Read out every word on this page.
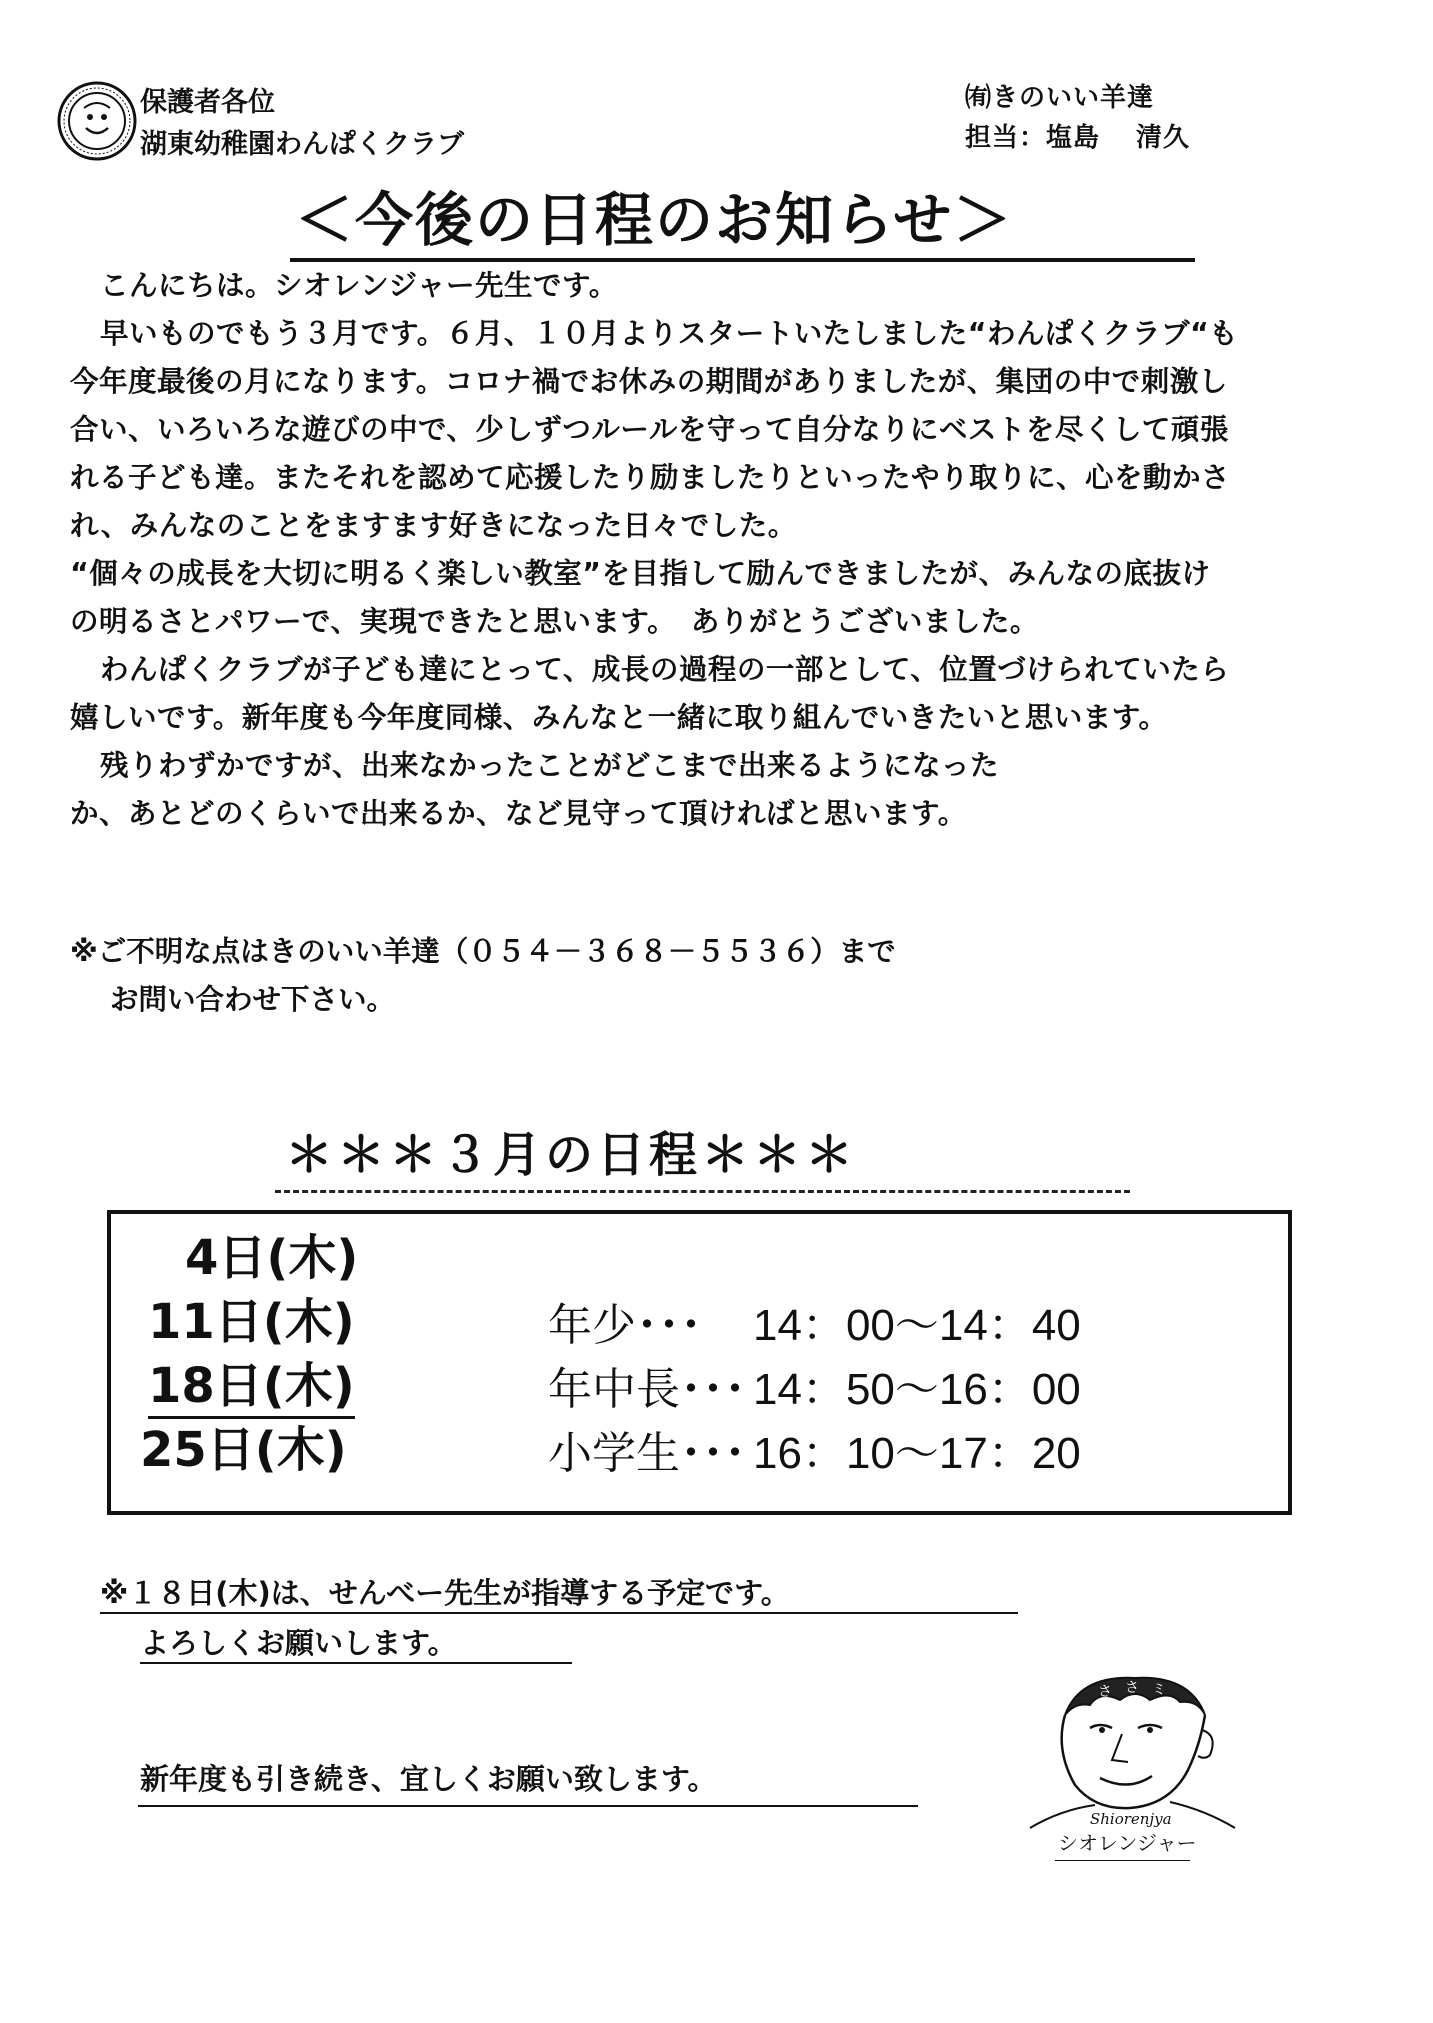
保護者各位
湖東幼稚園わんぱくクラブ
㈲きのいい羊達
担当：塩島 清久
＜今後の日程のお知らせ＞
こんにちは。シオレンジャー先生です。
早いものでもう３月です。６月、１０月よりスタートいたしました“わんぱくクラブ“も
今年度最後の月になります。コロナ禍でお休みの期間がありましたが、集団の中で刺激し
合い、いろいろな遊びの中で、少しずつルールを守って自分なりにベストを尽くして頑張
れる子ども達。またそれを認めて応援したり励ましたりといったやり取りに、心を動かさ
れ、みんなのことをますます好きになった日々でした。
“個々の成長を大切に明るく楽しい教室”を目指して励んできましたが、みんなの底抜け
の明るさとパワーで、実現できたと思います。　ありがとうございました。
わんぱくクラブが子ども達にとって、成長の過程の一部として、位置づけられていたら
嬉しいです。新年度も今年度同様、みんなと一緒に取り組んでいきたいと思います。
残りわずかですが、出来なかったことがどこまで出来るようになった
か、あとどのくらいで出来るか、など見守って頂ければと思います。
※ご不明な点はきのいい羊達（０５４－３６８－５５３６）まで
お問い合わせ下さい。
＊＊＊３月の日程＊＊＊
4日(木)
11日(木)
18日(木)
25日(木)
年少･･･ 14：00～14：40
年中長･･･ 14：50～16：00
小学生･･･ 16：10～17：20
※１８日(木)は、せんべー先生が指導する予定です。
よろしくお願いします。
新年度も引き続き、宜しくお願い致します。
さ さ ミ
Shiorenjya
シオレンジャー
